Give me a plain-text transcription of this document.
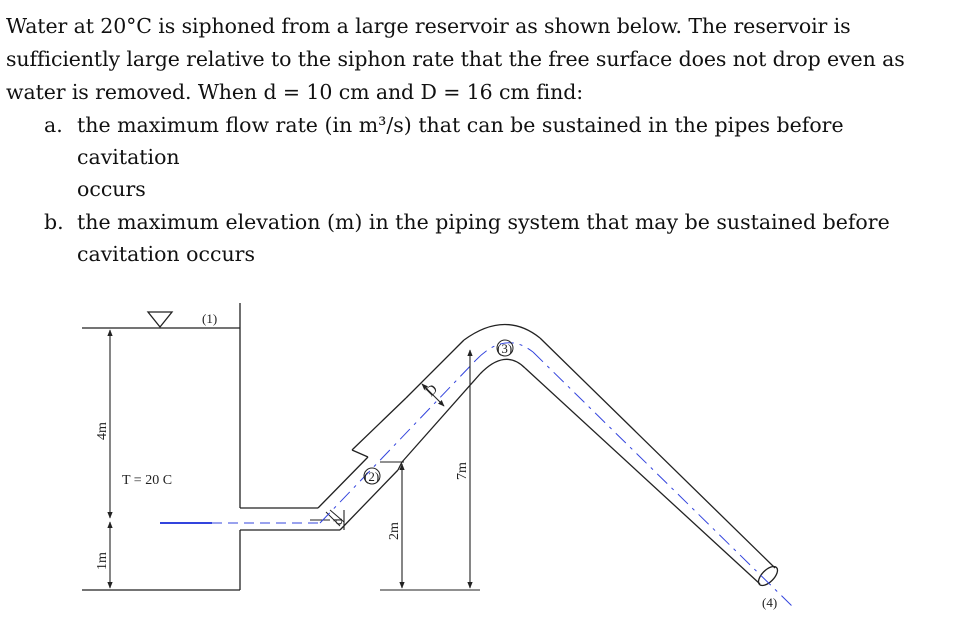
Water at 20°C is siphoned from a large reservoir as shown below. The reservoir is
sufficiently large relative to the siphon rate that the free surface does not drop even as
water is removed. When d = 10 cm and D = 16 cm find:

a. the maximum flow rate (in m³/s) that can be sustained in the pipes before cavitation
occurs
b. the maximum elevation (m) in the piping system that may be sustained before
cavitation occurs
(1)
(2)
(3)
(4)
T = 20 C
4m
1m
2m
7m
d
D
